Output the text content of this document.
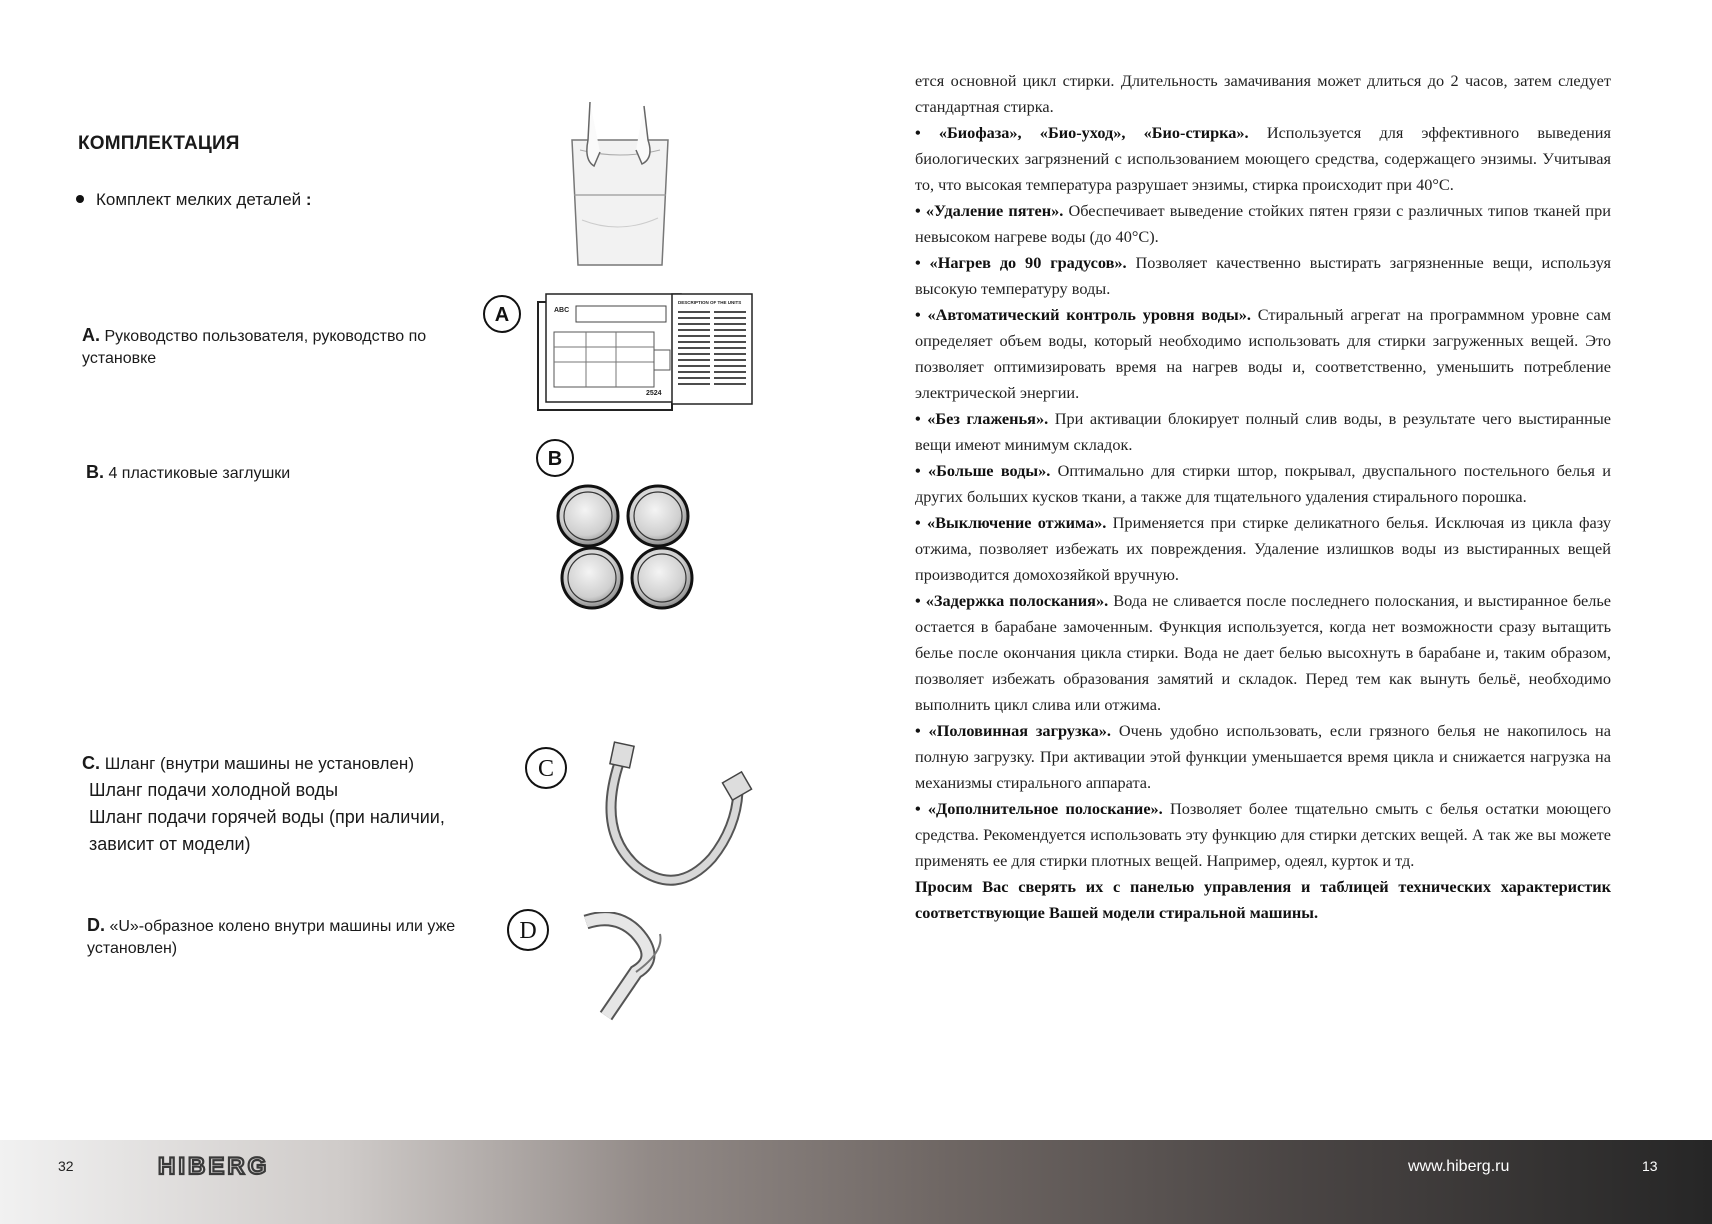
КОМПЛЕКТАЦИЯ
Комплект мелких деталей :
A	ABC
2524
DESCRIPTION OF THE UNITS
A. Руководство пользователя, руководство по установке
B
B. 4 пластиковые заглушки
C
C. Шланг (внутри машины не установлен)
Шланг подачи холодной воды
Шланг подачи горячей воды (при наличии,
зависит от модели)
D
D. «U»-образное колено внутри машины или уже установлен)

ется основной цикл стирки. Длительность замачивания может длиться до 2 часов, затем следует стандартная стирка.

• «Биофаза», «Био-уход», «Био-стирка». Используется для эффективного выведения биологических загрязнений с использованием моющего средства, содержащего энзимы. Учитывая то, что высокая температура разрушает энзимы, стирка происходит при 40°С.

• «Удаление пятен». Обеспечивает выведение стойких пятен грязи с различных типов тканей при невысоком нагреве воды (до 40°С).

• «Нагрев до 90 градусов». Позволяет качественно выстирать загрязненные вещи, используя высокую температуру воды.

• «Автоматический контроль уровня воды». Стиральный агрегат на программном уровне сам определяет объем воды, который необходимо использовать для стирки загруженных вещей. Это позволяет оптимизировать время на нагрев воды и, соответственно, уменьшить потребление электрической энергии.

• «Без глаженья». При активации блокирует полный слив воды, в результате чего выстиранные вещи имеют минимум складок.

• «Больше воды». Оптимально для стирки штор, покрывал, двуспального постельного белья и других больших кусков ткани, а также для тщательного удаления стирального порошка.

• «Выключение отжима». Применяется при стирке деликатного белья. Исключая из цикла фазу отжима, позволяет избежать их повреждения. Удаление излишков воды из выстиранных вещей производится домохозяйкой вручную.

• «Задержка полоскания». Вода не сливается после последнего полоскания, и выстиранное белье остается в барабане замоченным. Функция используется, когда нет возможности сразу вытащить белье после окончания цикла стирки. Вода не дает белью высохнуть в барабане и, таким образом, позволяет избежать образования замятий и складок. Перед тем как вынуть бельё, необходимо выполнить цикл слива или отжима.

• «Половинная загрузка». Очень удобно использовать, если грязного белья не накопилось на полную загрузку. При активации этой функции уменьшается время цикла и снижается нагрузка на механизмы стирального аппарата.

• «Дополнительное полоскание». Позволяет более тщательно смыть с белья остатки моющего средства. Рекомендуется использовать эту функцию для стирки детских вещей. А так же вы можете применять ее для стирки плотных вещей. Например, одеял, курток и тд.

Просим Вас сверять их с панелью управления и таблицей технических характеристик соответствующие Вашей модели стиральной машины.

32	HIBERG	www.hiberg.ru	13
